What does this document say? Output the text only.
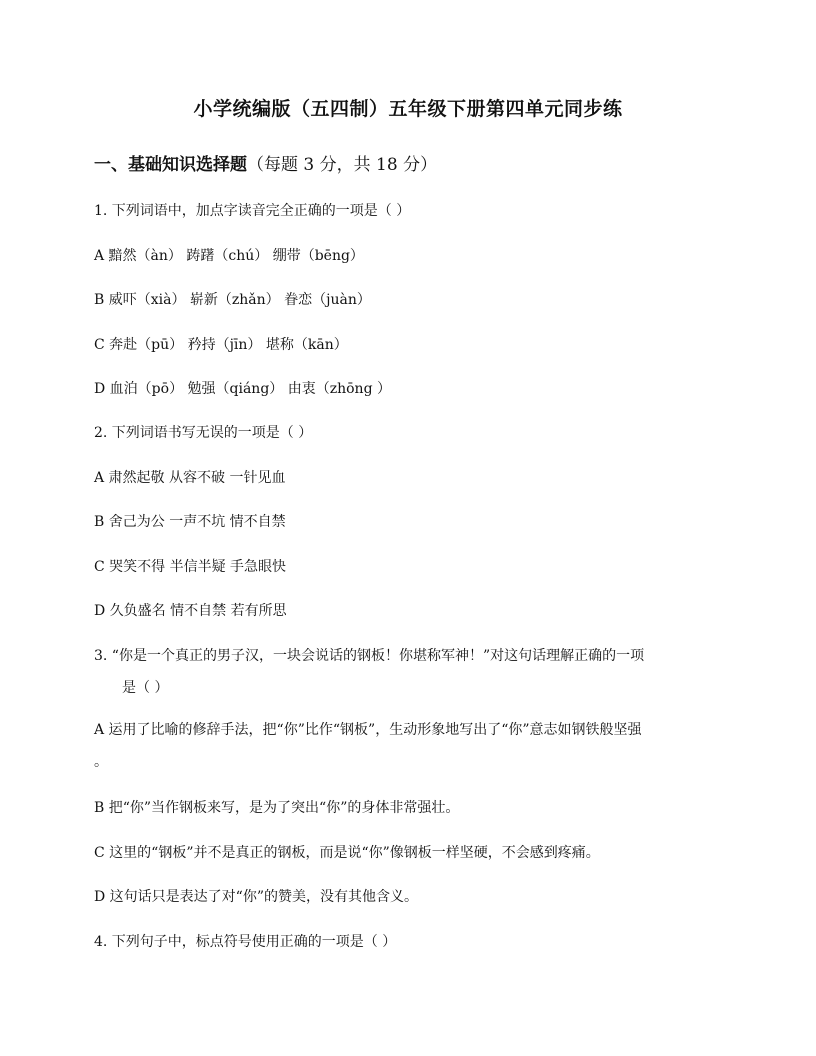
小学统编版（五四制）五年级下册第四单元同步练
一、基础知识选择题（每题 3 分，共 18 分）
1. 下列词语中，加点字读音完全正确的一项是（ ）
A 黯然（àn） 踌躇（chú） 绷带（bēng）
B 威吓（xià） 崭新（zhǎn） 眷恋（juàn）
C 奔赴（pū） 矜持（jīn） 堪称（kān）
D 血泊（pō） 勉强（qiáng） 由衷（zhōng ）
2. 下列词语书写无误的一项是（ ）
A 肃然起敬 从容不破 一针见血
B 舍己为公 一声不坑 情不自禁
C 哭笑不得 半信半疑 手急眼快
D 久负盛名 情不自禁 若有所思
3. “你是一个真正的男子汉，一块会说话的钢板！你堪称军神！”对这句话理解正确的一项
是（ ）
A 运用了比喻的修辞手法，把“你”比作“钢板”，生动形象地写出了“你”意志如钢铁般坚强
。
B 把“你”当作钢板来写，是为了突出“你”的身体非常强壮。
C 这里的“钢板”并不是真正的钢板，而是说“你”像钢板一样坚硬，不会感到疼痛。
D 这句话只是表达了对“你”的赞美，没有其他含义。
4. 下列句子中，标点符号使用正确的一项是（ ）
